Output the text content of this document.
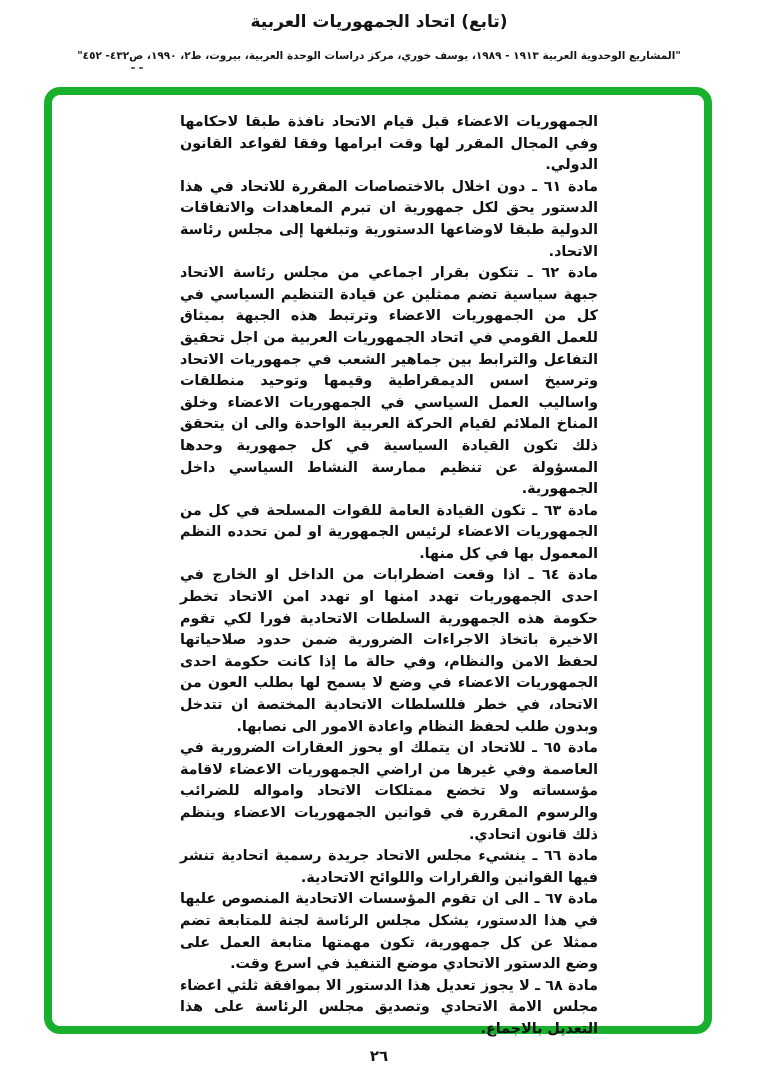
(تابع) اتحاد الجمهوريات العربية
"المشاريع الوحدوية العربية ١٩١٣ - ١٩٨٩، يوسف خوري، مركز دراسات الوحدة العربية، بيروت، ط٢، ١٩٩٠، ص٤٣٢- ٤٥٢"

الجمهوريات الاعضاء قبل قيام الاتحاد نافذة طبقا لاحكامها وفي المجال المقرر لها وقت ابرامها وفقا لقواعد القانون الدولي.

مادة ٦١ ـ دون اخلال بالاختصاصات المقررة للاتحاد في هذا الدستور يحق لكل جمهورية ان تبرم المعاهدات والاتفاقات الدولية طبقا لاوضاعها الدستورية وتبلغها إلى مجلس رئاسة الاتحاد.

مادة ٦٢ ـ تتكون بقرار اجماعي من مجلس رئاسة الاتحاد جبهة سياسية تضم ممثلين عن قيادة التنظيم السياسي في كل من الجمهوريات الاعضاء وترتبط هذه الجبهة بميثاق للعمل القومي في اتحاد الجمهوريات العربية من اجل تحقيق التفاعل والترابط بين جماهير الشعب في جمهوريات الاتحاد وترسيخ اسس الديمقراطية وقيمها وتوحيد منطلقات واساليب العمل السياسي في الجمهوريات الاعضاء وخلق المناخ الملائم لقيام الحركة العربية الواحدة والى ان يتحقق ذلك تكون القيادة السياسية في كل جمهورية وحدها المسؤولة عن تنظيم ممارسة النشاط السياسي داخل الجمهورية.

مادة ٦٣ ـ تكون القيادة العامة للقوات المسلحة في كل من الجمهوريات الاعضاء لرئيس الجمهورية او لمن تحدده النظم المعمول بها في كل منها.

مادة ٦٤ ـ اذا وقعت اضطرابات من الداخل او الخارج في احدى الجمهوريات تهدد امنها او تهدد امن الاتحاد تخطر حكومة هذه الجمهورية السلطات الاتحادية فورا لكي تقوم الاخيرة باتخاذ الاجراءات الضرورية ضمن حدود صلاحياتها لحفظ الامن والنظام، وفي حالة ما إذا كانت حكومة احدى الجمهوريات الاعضاء في وضع لا يسمح لها بطلب العون من الاتحاد، في خطر فللسلطات الاتحادية المختصة ان تتدخل وبدون طلب لحفظ النظام واعادة الامور الى نصابها.

مادة ٦٥ ـ للاتحاد ان يتملك او يحوز العقارات الضرورية في العاصمة وفي غيرها من اراضي الجمهوريات الاعضاء لاقامة مؤسساته ولا تخضع ممتلكات الاتحاد وامواله للضرائب والرسوم المقررة في قوانين الجمهوريات الاعضاء وينظم ذلك قانون اتحادي.

مادة ٦٦ ـ ينشيء مجلس الاتحاد جريدة رسمية اتحادية تنشر فيها القوانين والقرارات واللوائح الاتحادية.

مادة ٦٧ ـ الى ان تقوم المؤسسات الاتحادية المنصوص عليها في هذا الدستور، يشكل مجلس الرئاسة لجنة للمتابعة تضم ممثلا عن كل جمهورية، تكون مهمتها متابعة العمل على وضع الدستور الاتحادي موضع التنفيذ في اسرع وقت.

مادة ٦٨ ـ لا يجوز تعديل هذا الدستور الا بموافقة ثلثي اعضاء مجلس الامة الاتحادي وتصديق مجلس الرئاسة على هذا التعديل بالاجماع.

٢٦
